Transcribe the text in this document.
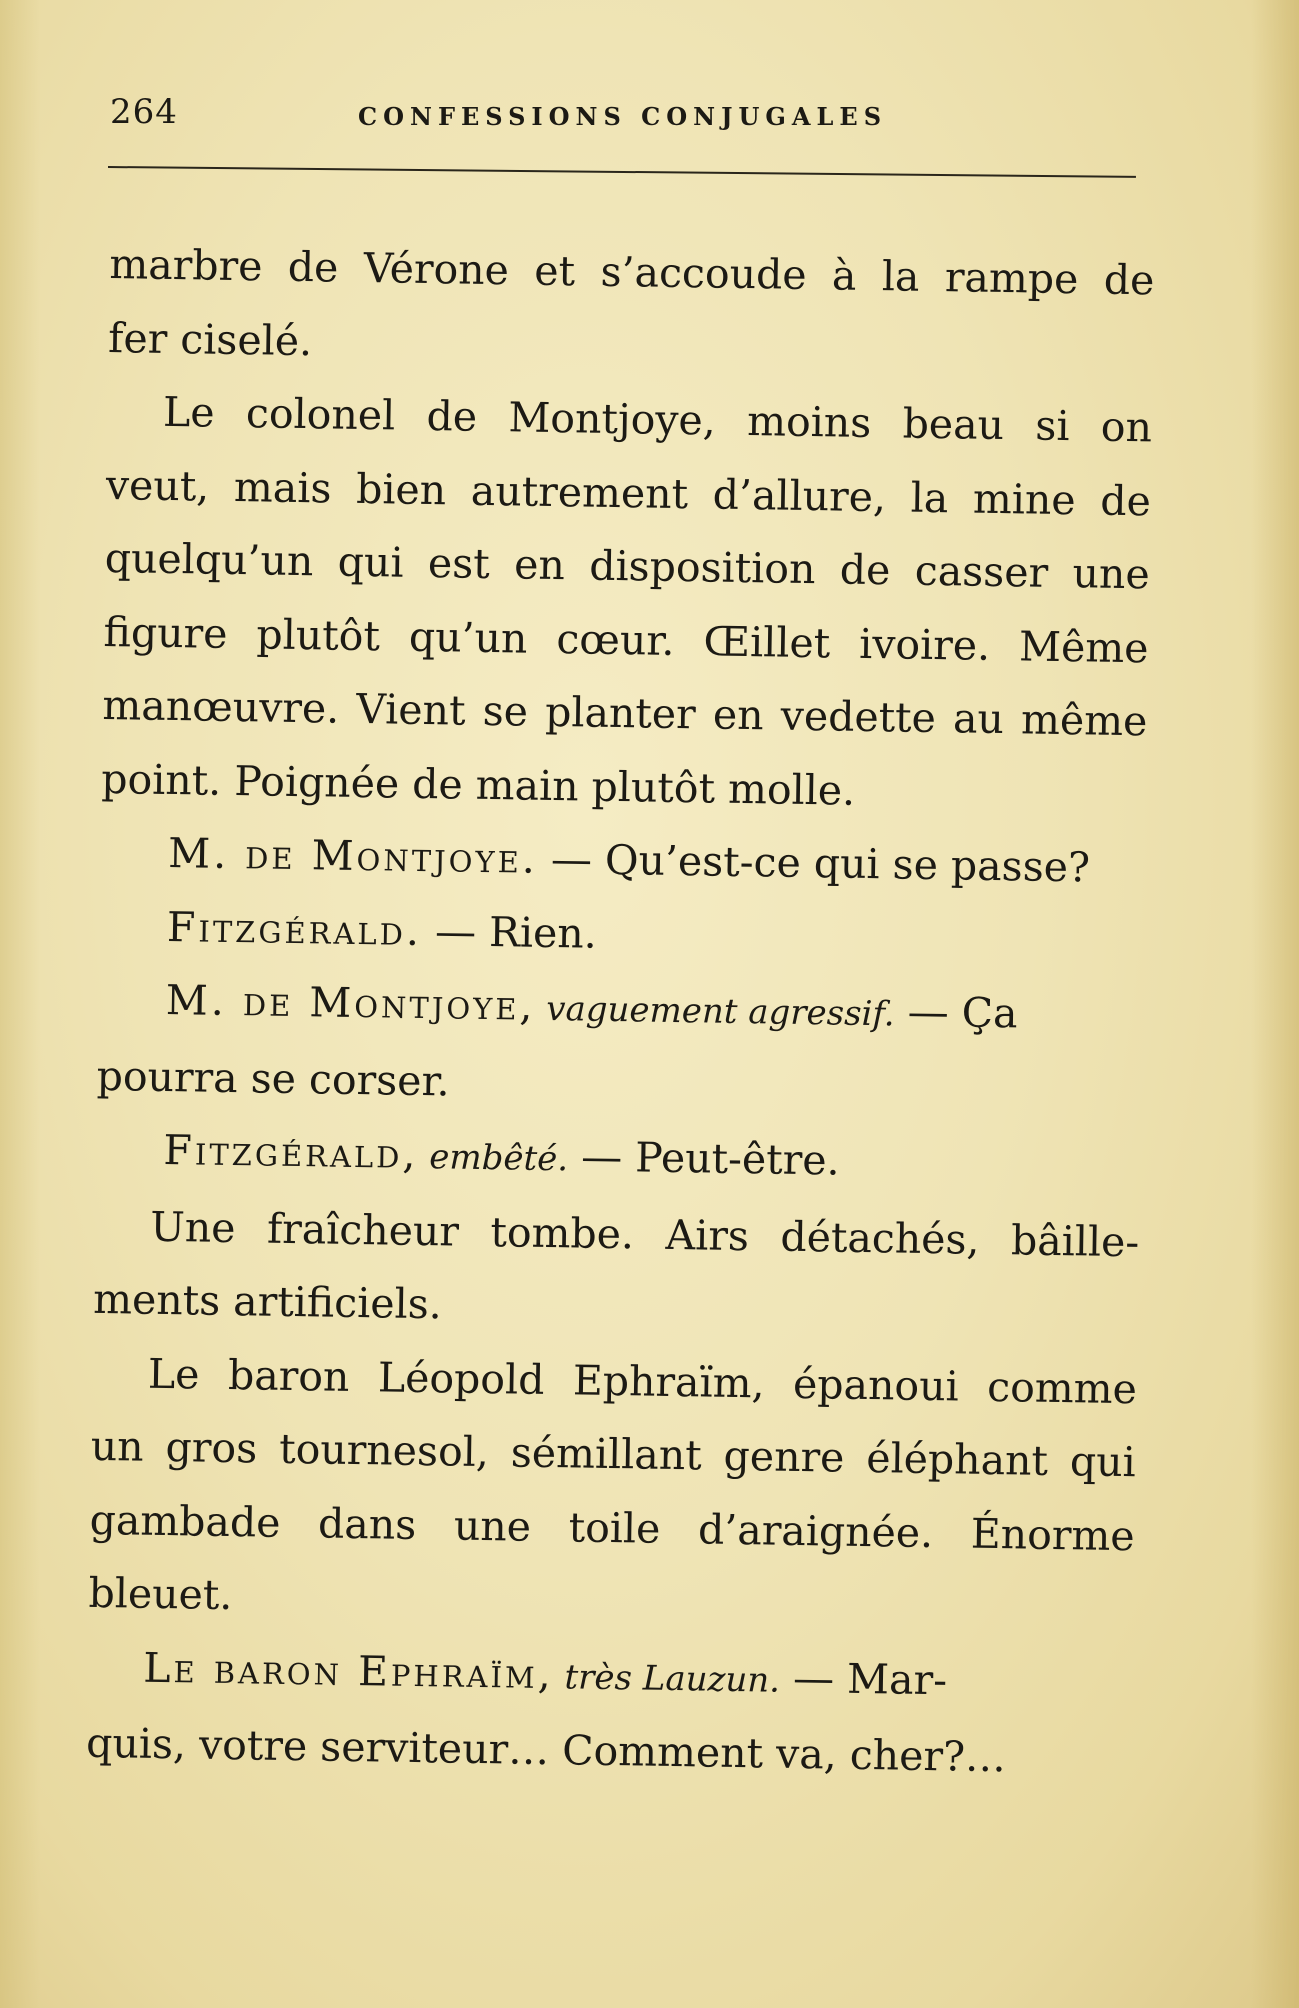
264	CONFESSIONS CONJUGALES
marbre de Vérone et s’accoude à la rampe de
fer ciselé.
Le colonel de Montjoye, moins beau si on
veut, mais bien autrement d’allure, la mine de
quelqu’un qui est en disposition de casser une
figure plutôt qu’un cœur. Œillet ivoire. Même
manœuvre. Vient se planter en vedette au même
point. Poignée de main plutôt molle.
M. de Montjoye. — Qu’est-ce qui se passe?
Fitzgérald. — Rien.
M. de Montjoye, vaguement agressif. — Ça
pourra se corser.
Fitzgérald, embêté. — Peut-être.
Une fraîcheur tombe. Airs détachés, bâille-
ments artificiels.
Le baron Léopold Ephraïm, épanoui comme
un gros tournesol, sémillant genre éléphant qui
gambade dans une toile d’araignée. Énorme
bleuet.
Le baron Ephraïm, très Lauzun. — Mar-
quis, votre serviteur… Comment va, cher?…
